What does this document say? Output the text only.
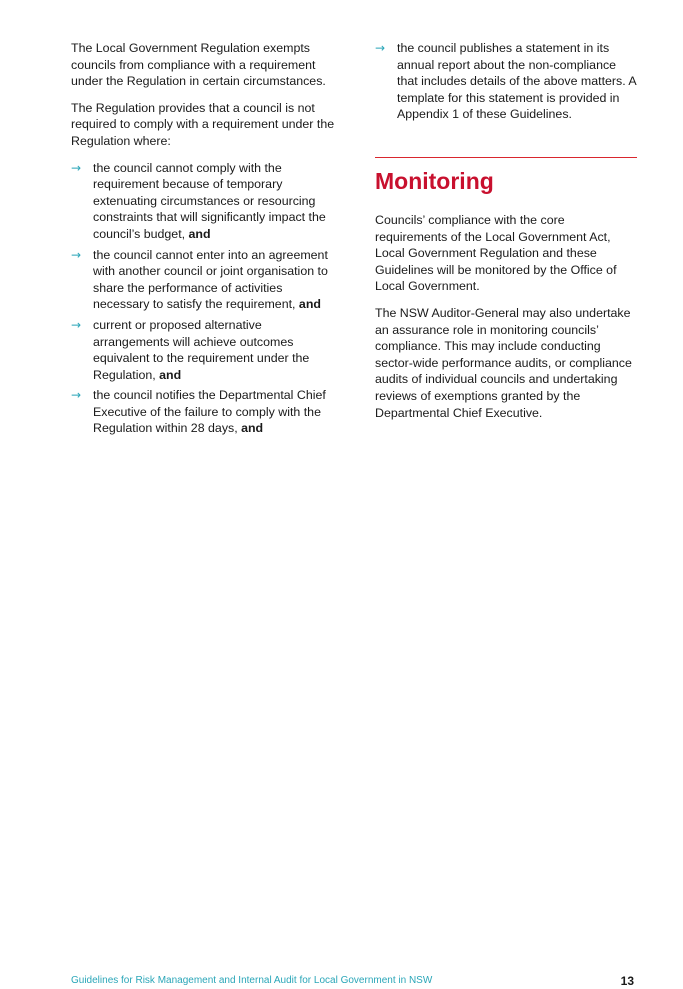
The Local Government Regulation exempts councils from compliance with a requirement under the Regulation in certain circumstances.

The Regulation provides that a council is not required to comply with a requirement under the Regulation where:

→ the council cannot comply with the requirement because of temporary extenuating circumstances or resourcing constraints that will significantly impact the council’s budget, and
→ the council cannot enter into an agreement with another council or joint organisation to share the performance of activities necessary to satisfy the requirement, and
→ current or proposed alternative arrangements will achieve outcomes equivalent to the requirement under the Regulation, and
→ the council notifies the Departmental Chief Executive of the failure to comply with the Regulation within 28 days, and
→ the council publishes a statement in its annual report about the non-compliance that includes details of the above matters. A template for this statement is provided in Appendix 1 of these Guidelines.
Monitoring

Councils’ compliance with the core requirements of the Local Government Act, Local Government Regulation and these Guidelines will be monitored by the Office of Local Government.

The NSW Auditor-General may also undertake an assurance role in monitoring councils’ compliance. This may include conducting sector-wide performance audits, or compliance audits of individual councils and undertaking reviews of exemptions granted by the Departmental Chief Executive.

Guidelines for Risk Management and Internal Audit for Local Government in NSW	13
